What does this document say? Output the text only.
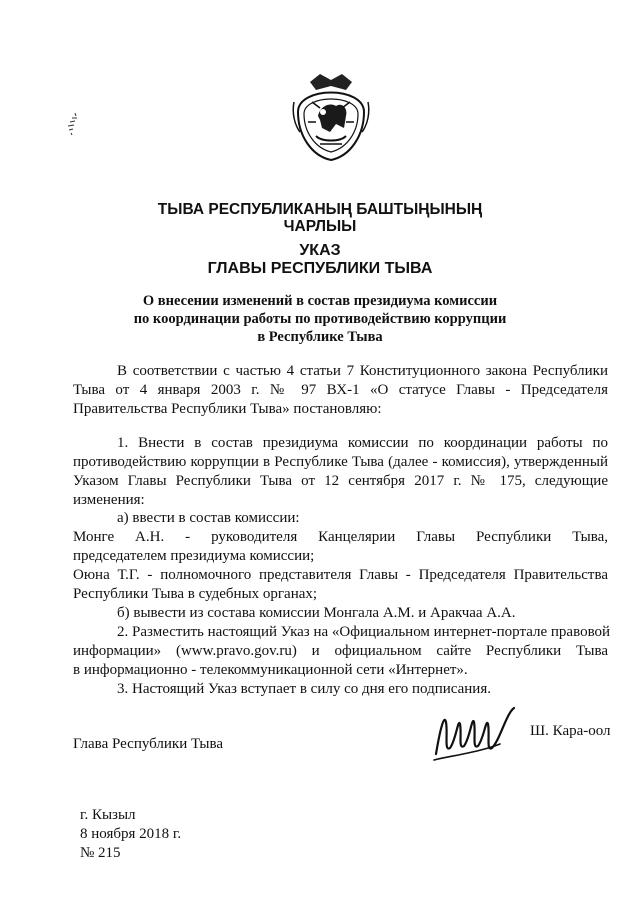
ТЫВА РЕСПУБЛИКАНЫҢ БАШТЫҢЫНЫҢ

ЧАРЛЫЫ

УКАЗ

ГЛАВЫ РЕСПУБЛИКИ ТЫВА

О внесении изменений в состав президиума комиссии

по координации работы по противодействию коррупции

в Республике Тыва

В соответствии с частью 4 статьи 7 Конституционного закона Республики

Тыва от 4 января 2003 г. № 97 ВХ-1 «О статусе Главы - Председателя

Правительства Республики Тыва» постановляю:

1. Внести в состав президиума комиссии по координации работы по

противодействию коррупции в Республике Тыва (далее - комиссия), утвержденный

Указом Главы Республики Тыва от 12 сентября 2017 г. № 175, следующие

изменения:

а) ввести в состав комиссии:

Монге А.Н. - руководителя Канцелярии Главы Республики Тыва,

председателем президиума комиссии;

Оюна Т.Г. - полномочного представителя Главы - Председателя Правительства

Республики Тыва в судебных органах;

б) вывести из состава комиссии Монгала А.М. и Аракчаа А.А.

2. Разместить настоящий Указ на «Официальном интернет-портале правовой

информации» (www.pravo.gov.ru) и официальном сайте Республики Тыва

в информационно - телекоммуникационной сети «Интернет».

3. Настоящий Указ вступает в силу со дня его подписания.

Глава Республики Тыва

Ш. Кара-оол

г. Кызыл

8 ноября 2018 г.

№ 215
